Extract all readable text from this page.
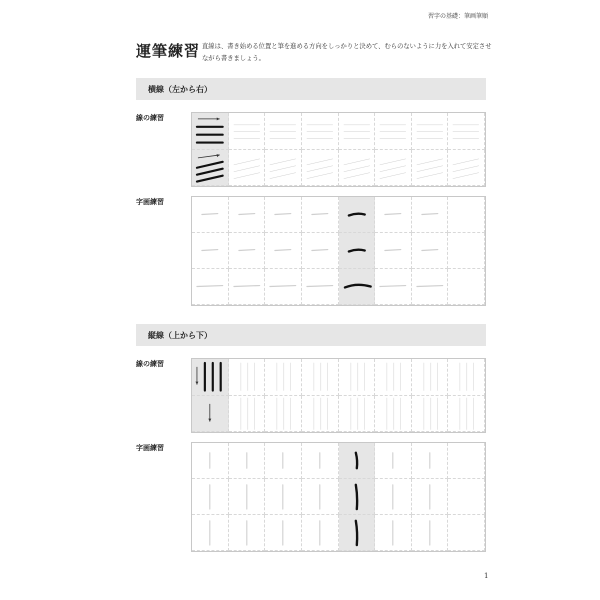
習字の基礎：筆画筆順
運筆練習 直線は、書き始める位置と筆を進める方向をしっかりと決めて、むらのないように力を入れて安定させながら書きましょう。
横線（左から右）
線の練習
字画練習
縦線（上から下）
線の練習
字画練習
1
